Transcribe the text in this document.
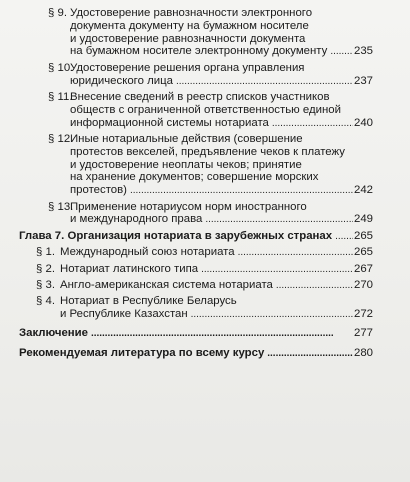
§ 9. Удостоверение равнозначности электронного
документа документу на бумажном носителе
и удостоверение равнозначности документа
на бумажном носителе электронному документу . . . 235
§ 10.
Удостоверение решения органа управления
юридического лица . . .	237
§ 11.
Внесение сведений в реестр списков участников
обществ с ограниченной ответственностью единой
информационной системы нотариата . . .	240
§ 12.
Иные нотариальные действия (совершение
протестов векселей, предъявление чеков к платежу
и удостоверение неоплаты чеков; принятие
на хранение документов; совершение морских
протестов) . . .	242
§ 13.
Применение нотариусом норм иностранного
и международного права . . .	249
Глава 7. Организация нотариата в зарубежных странах . . . 265
§ 1. Международный союз нотариата . . .	265
§ 2. Нотариат латинского типа . . .	267
§ 3. Англо-американская система нотариата . . .	270
§ 4. Нотариат в Республике Беларусь
и Республике Казахстан . . .	272
Заключение . . .	277
Рекомендуемая литература по всему курсу . . .	280
